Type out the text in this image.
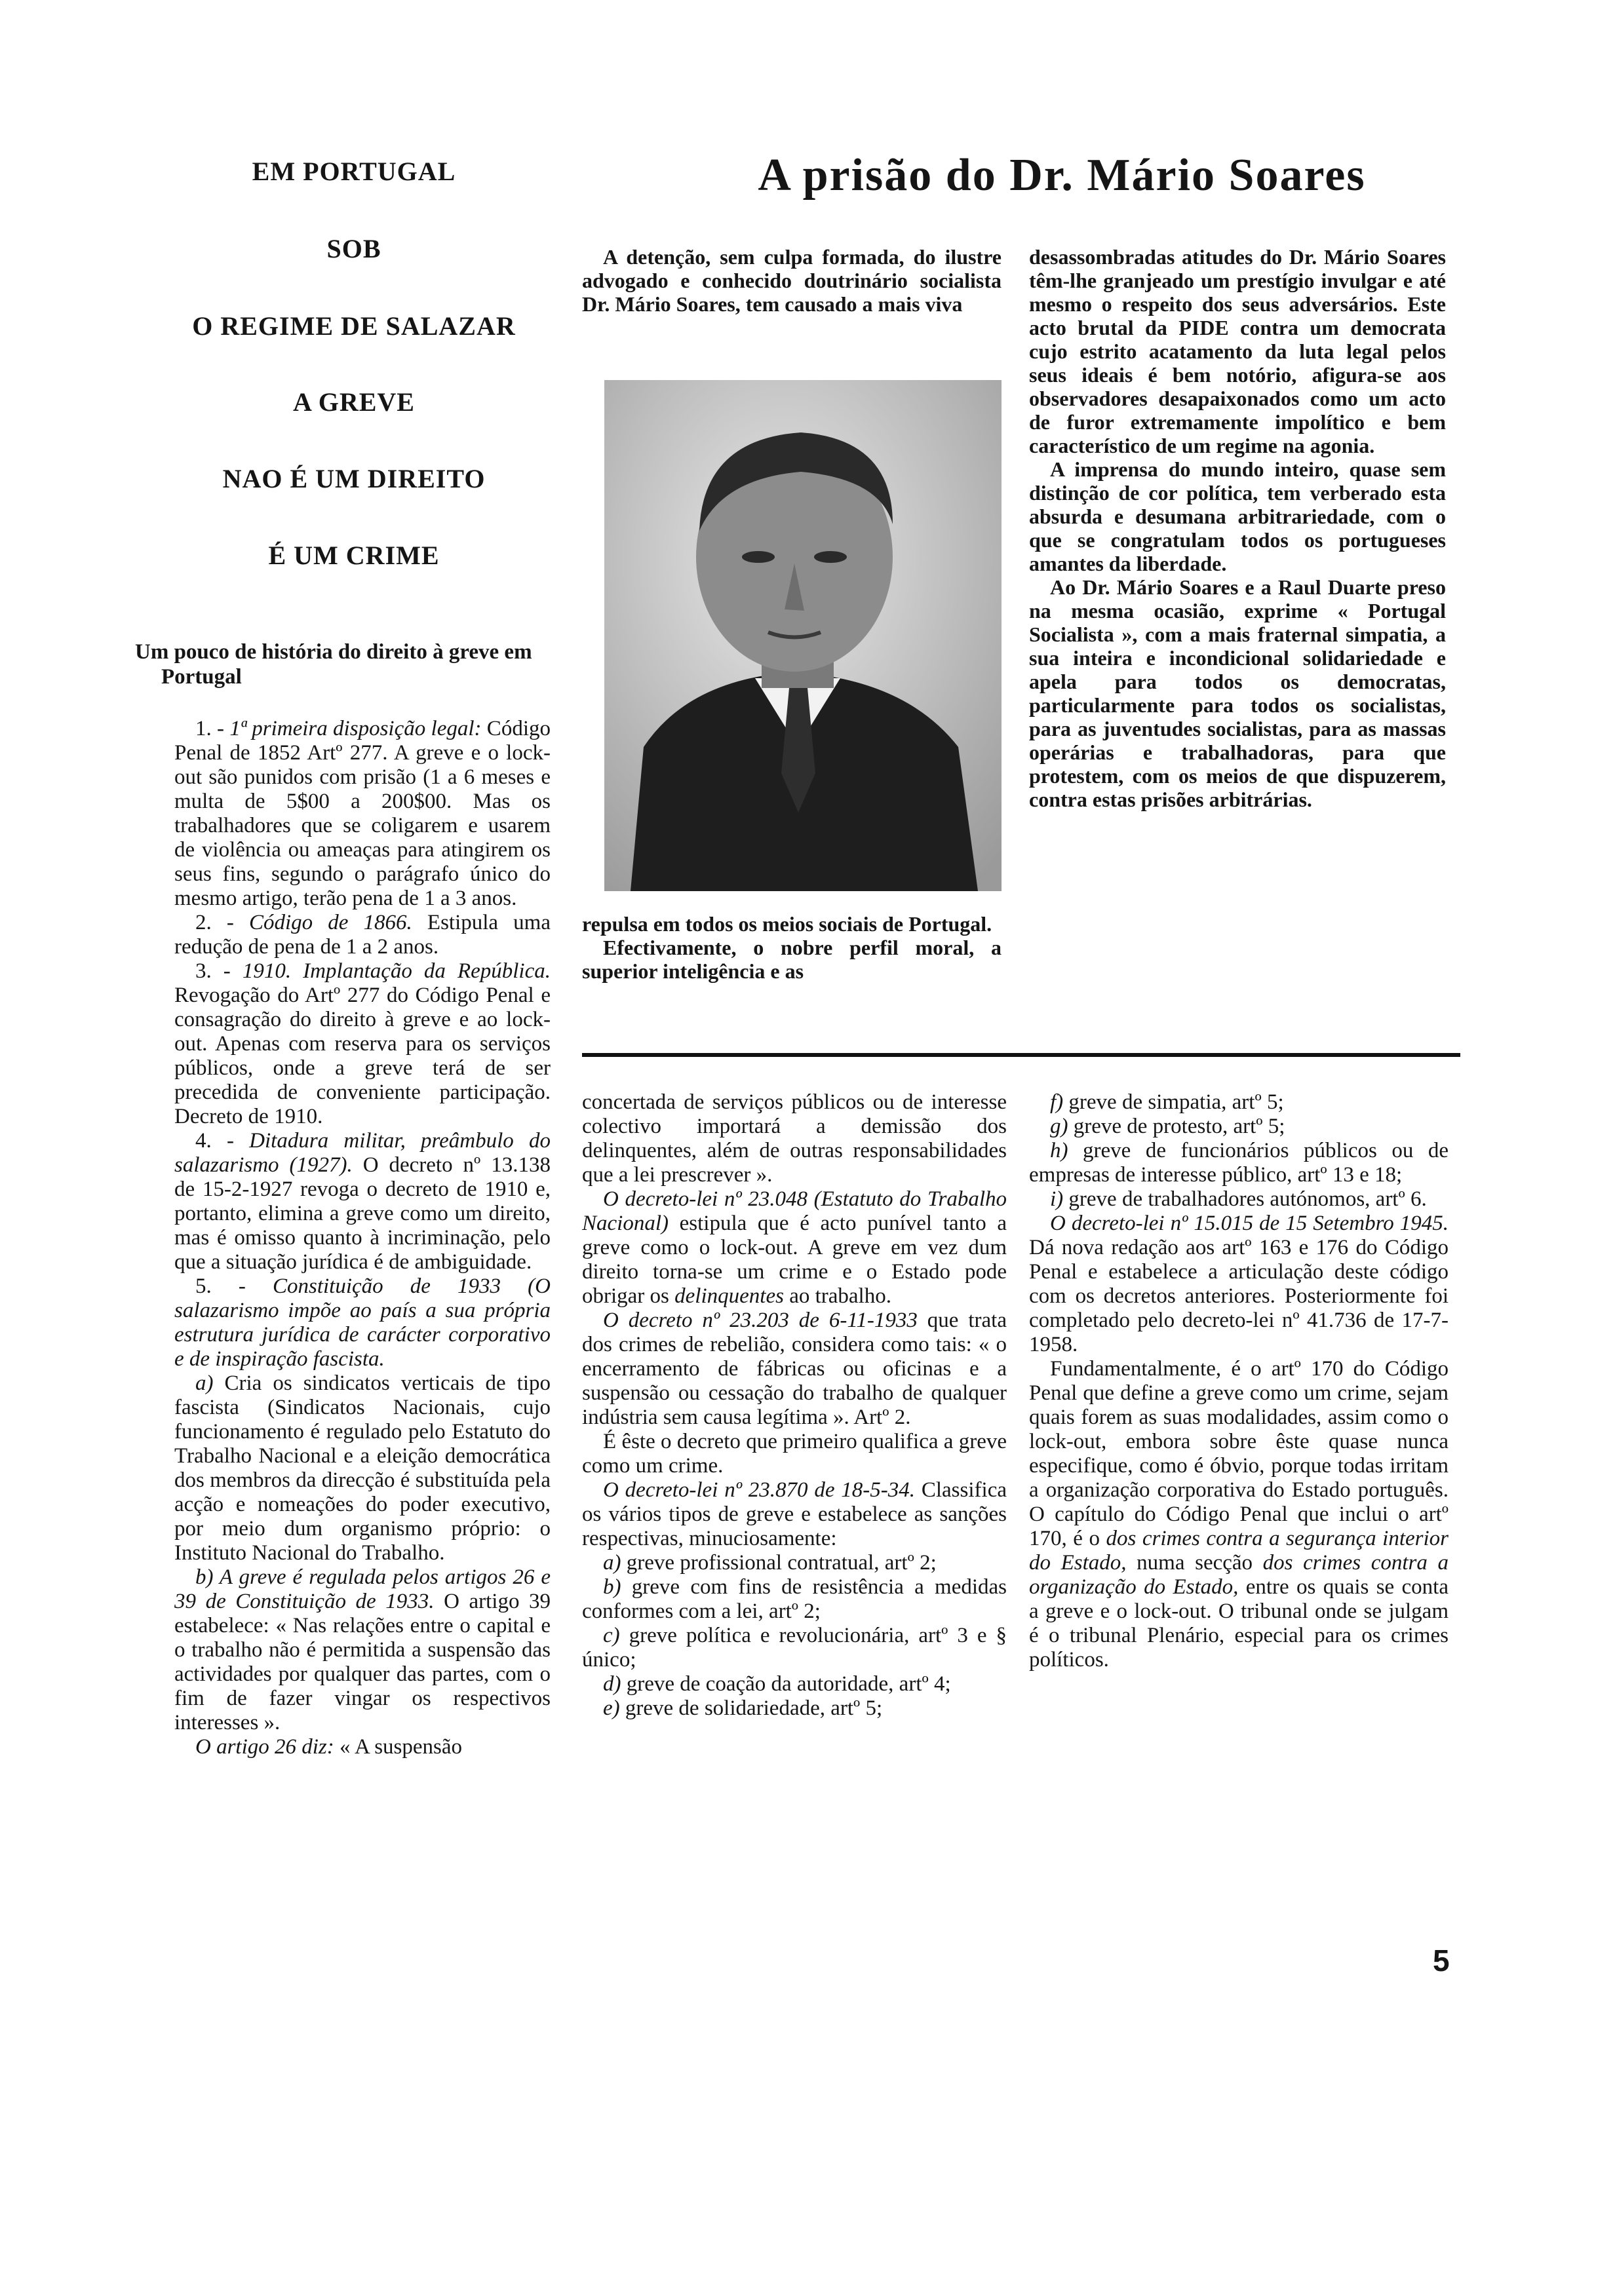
EM PORTUGAL
SOB
O REGIME DE SALAZAR
A GREVE
NAO É UM DIREITO
É UM CRIME
Um pouco de história do direito à greve em Portugal

1. - 1ª primeira disposição legal: Código Penal de 1852 Artº 277. A greve e o lock-out são punidos com prisão (1 a 6 meses e multa de 5$00 a 200$00. Mas os trabalhadores que se coligarem e usarem de violência ou ameaças para atingirem os seus fins, segundo o parágrafo único do mesmo artigo, terão pena de 1 a 3 anos.

2. - Código de 1866. Estipula uma redução de pena de 1 a 2 anos.

3. - 1910. Implantação da República. Revogação do Artº 277 do Código Penal e consagração do direito à greve e ao lock-out. Apenas com reserva para os serviços públicos, onde a greve terá de ser precedida de conveniente participação. Decreto de 1910.

4. - Ditadura militar, preâmbulo do salazarismo (1927). O decreto nº 13.138 de 15-2-1927 revoga o decreto de 1910 e, portanto, elimina a greve como um direito, mas é omisso quanto à incriminação, pelo que a situação jurídica é de ambiguidade.

5. - Constituição de 1933 (O salazarismo impõe ao país a sua própria estrutura jurídica de carácter corporativo e de inspiração fascista.

a) Cria os sindicatos verticais de tipo fascista (Sindicatos Nacionais, cujo funcionamento é regulado pelo Estatuto do Trabalho Nacional e a eleição democrática dos membros da direcção é substituída pela acção e nomeações do poder executivo, por meio dum organismo próprio: o Instituto Nacional do Trabalho.

b) A greve é regulada pelos artigos 26 e 39 de Constituição de 1933. O artigo 39 estabelece: « Nas relações entre o capital e o trabalho não é permitida a suspensão das actividades por qualquer das partes, com o fim de fazer vingar os respectivos interesses ».

O artigo 26 diz: « A suspensão

A prisão do Dr. Mário Soares

A detenção, sem culpa formada, do ilustre advogado e conhecido doutrinário socialista Dr. Mário Soares, tem causado a mais viva

repulsa em todos os meios sociais de Portugal.

Efectivamente, o nobre perfil moral, a superior inteligência e as

desassombradas atitudes do Dr. Mário Soares têm-lhe granjeado um prestígio invulgar e até mesmo o respeito dos seus adversários. Este acto brutal da PIDE contra um democrata cujo estrito acatamento da luta legal pelos seus ideais é bem notório, afigura-se aos observadores desapaixonados como um acto de furor extremamente impolítico e bem característico de um regime na agonia.

A imprensa do mundo inteiro, quase sem distinção de cor política, tem verberado esta absurda e desumana arbitrariedade, com o que se congratulam todos os portugueses amantes da liberdade.

Ao Dr. Mário Soares e a Raul Duarte preso na mesma ocasião, exprime « Portugal Socialista », com a mais fraternal simpatia, a sua inteira e incondicional solidariedade e apela para todos os democratas, particularmente para todos os socialistas, para as juventudes socialistas, para as massas operárias e trabalhadoras, para que protestem, com os meios de que dispuzerem, contra estas prisões arbitrárias.

concertada de serviços públicos ou de interesse colectivo importará a demissão dos delinquentes, além de outras responsabilidades que a lei prescrever ».

O decreto-lei nº 23.048 (Estatuto do Trabalho Nacional) estipula que é acto punível tanto a greve como o lock-out. A greve em vez dum direito torna-se um crime e o Estado pode obrigar os delinquentes ao trabalho.

O decreto nº 23.203 de 6-11-1933 que trata dos crimes de rebelião, considera como tais: « o encerramento de fábricas ou oficinas e a suspensão ou cessação do trabalho de qualquer indústria sem causa legítima ». Artº 2.

É êste o decreto que primeiro qualifica a greve como um crime.

O decreto-lei nº 23.870 de 18-5-34. Classifica os vários tipos de greve e estabelece as sanções respectivas, minuciosamente:

a) greve profissional contratual, artº 2;

b) greve com fins de resistência a medidas conformes com a lei, artº 2;

c) greve política e revolucionária, artº 3 e § único;

d) greve de coação da autoridade, artº 4;

e) greve de solidariedade, artº 5;

f) greve de simpatia, artº 5;

g) greve de protesto, artº 5;

h) greve de funcionários públicos ou de empresas de interesse público, artº 13 e 18;

i) greve de trabalhadores autónomos, artº 6.

O decreto-lei nº 15.015 de 15 Setembro 1945. Dá nova redação aos artº 163 e 176 do Código Penal e estabelece a articulação deste código com os decretos anteriores. Posteriormente foi completado pelo decreto-lei nº 41.736 de 17-7-1958.

Fundamentalmente, é o artº 170 do Código Penal que define a greve como um crime, sejam quais forem as suas modalidades, assim como o lock-out, embora sobre êste quase nunca especifique, como é óbvio, porque todas irritam a organização corporativa do Estado português. O capítulo do Código Penal que inclui o artº 170, é o dos crimes contra a segurança interior do Estado, numa secção dos crimes contra a organização do Estado, entre os quais se conta a greve e o lock-out. O tribunal onde se julgam é o tribunal Plenário, especial para os crimes políticos.

5
